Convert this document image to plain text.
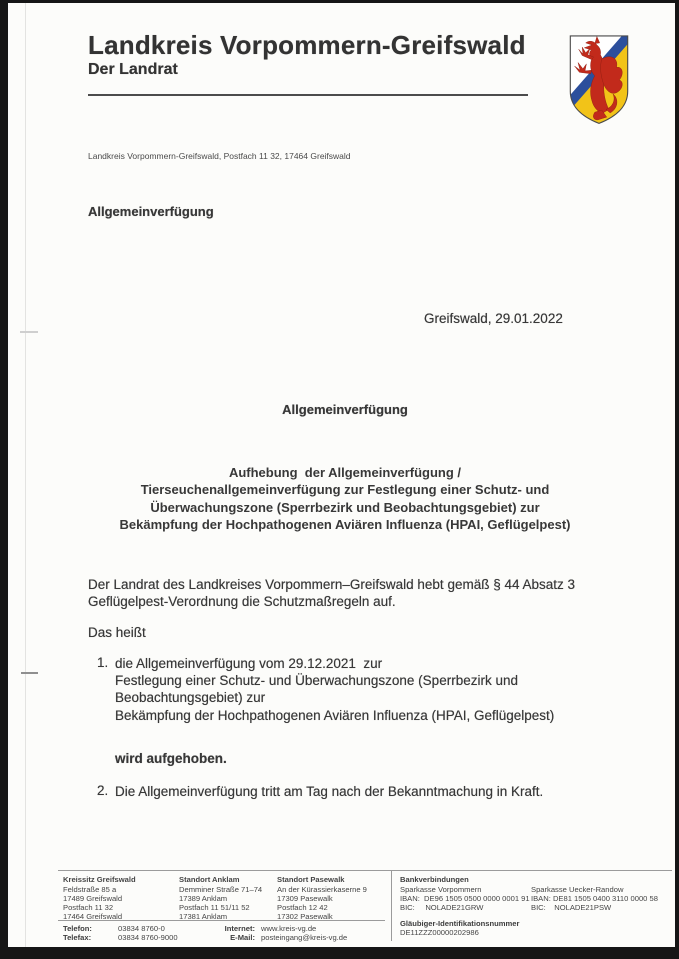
Landkreis Vorpommern-Greifswald
Der Landrat
Landkreis Vorpommern-Greifswald, Postfach 11 32, 17464 Greifswald
Allgemeinverfügung
Greifswald, 29.01.2022
Allgemeinverfügung
Aufhebung  der Allgemeinverfügung /
Tierseuchenallgemeinverfügung zur Festlegung einer Schutz- und
Überwachungszone (Sperrbezirk und Beobachtungsgebiet) zur
Bekämpfung der Hochpathogenen Aviären Influenza (HPAI, Geflügelpest)
Der Landrat des Landkreises Vorpommern–Greifswald hebt gemäß § 44 Absatz 3
Geflügelpest-Verordnung die Schutzmaßregeln auf.
Das heißt
1. die Allgemeinverfügung vom 29.12.2021  zur
Festlegung einer Schutz- und Überwachungszone (Sperrbezirk und
Beobachtungsgebiet) zur
Bekämpfung der Hochpathogenen Aviären Influenza (HPAI, Geflügelpest)
wird aufgehoben.
2. Die Allgemeinverfügung tritt am Tag nach der Bekanntmachung in Kraft.
Kreissitz Greifswald
Feldstraße 85 a
17489 Greifswald
Postfach 11 32
17464 Greifswald
Standort Anklam
Demminer Straße 71–74
17389 Anklam
Postfach 11 51/11 52
17381 Anklam
Standort Pasewalk
An der Kürassierkaserne 9
17309 Pasewalk
Postfach 12 42
17302 Pasewalk
Telefon:	03834 8760-0
Telefax:	03834 8760-9000
Internet: www.kreis-vg.de
E-Mail: posteingang@kreis-vg.de
Bankverbindungen
Sparkasse Vorpommern
IBAN:  DE96 1505 0500 0000 0001 91
BIC:     NOLADE21GRW
Sparkasse Uecker-Randow
IBAN: DE81 1505 0400 3110 0000 58
BIC:    NOLADE21PSW
Gläubiger-Identifikationsnummer
DE11ZZZ00000202986
